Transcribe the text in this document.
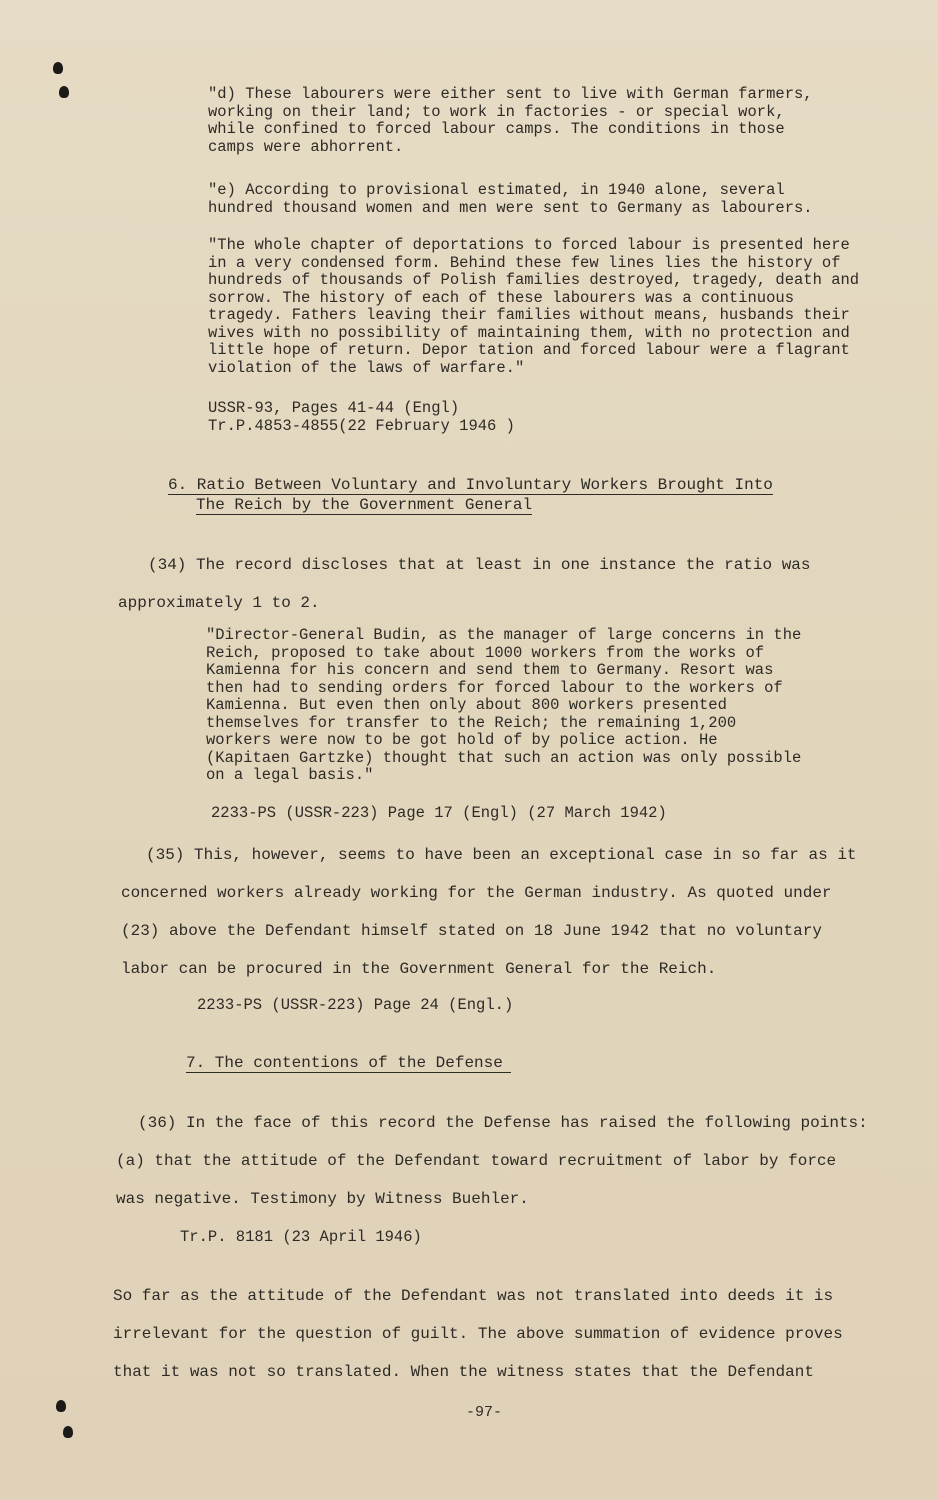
"d) These labourers were either sent to live with German farmers, working on their land; to work in factories - or special work, while confined to forced labour camps. The conditions in those camps were abhorrent.

"e) According to provisional estimated, in 1940 alone, several hundred thousand women and men were sent to Germany as labourers.

"The whole chapter of deportations to forced labour is presented here in a very condensed form. Behind these few lines lies the history of hundreds of thousands of Polish families destroyed, tragedy, death and sorrow. The history of each of these labourers was a continuous tragedy. Fathers leaving their families without means, husbands their wives with no possibility of maintaining them, with no protection and little hope of return. Depor tation and forced labour were a flagrant violation of the laws of warfare."

USSR-93, Pages 41-44 (Engl)
Tr.P.4853-4855(22 February 1946 )
6. Ratio Between Voluntary and Involuntary Workers Brought Into
The Reich by the Government General

(34) The record discloses that at least in one instance the ratio was approximately 1 to 2.

"Director-General Budin, as the manager of large concerns in the Reich, proposed to take about 1000 workers from the works of Kamienna for his concern and send them to Germany. Resort was then had to sending orders for forced labour to the workers of Kamienna. But even then only about 800 workers presented themselves for transfer to the Reich; the remaining 1,200 workers were now to be got hold of by police action. He (Kapitaen Gartzke) thought that such an action was only possible on a legal basis."

2233-PS (USSR-223) Page 17 (Engl) (27 March 1942)

(35) This, however, seems to have been an exceptional case in so far as it concerned workers already working for the German industry. As quoted under (23) above the Defendant himself stated on 18 June 1942 that no voluntary labor can be procured in the Government General for the Reich.

2233-PS (USSR-223) Page 24 (Engl.)
7. The contentions of the Defense

(36) In the face of this record the Defense has raised the following points: (a) that the attitude of the Defendant toward recruitment of labor by force was negative. Testimony by Witness Buehler.

Tr.P. 8181 (23 April 1946)

So far as the attitude of the Defendant was not translated into deeds it is irrelevant for the question of guilt. The above summation of evidence proves that it was not so translated. When the witness states that the Defendant

-97-
